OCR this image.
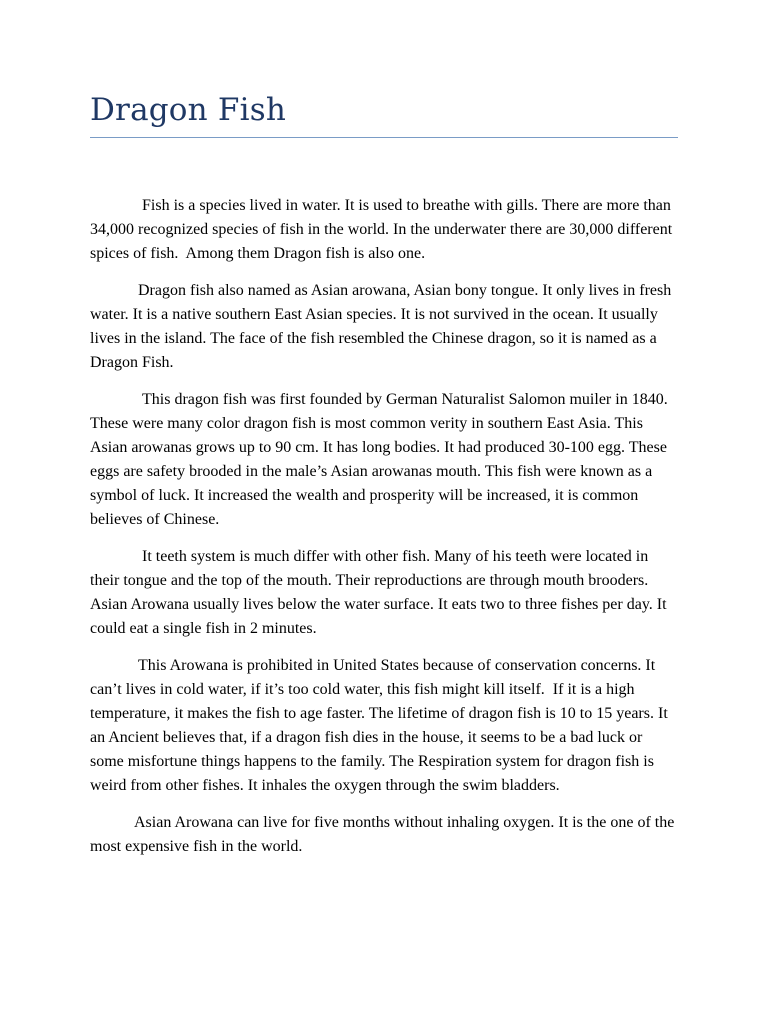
Dragon Fish

Fish is a species lived in water. It is used to breathe with gills. There are more than 34,000 recognized species of fish in the world. In the underwater there are 30,000 different spices of fish.  Among them Dragon fish is also one.

Dragon fish also named as Asian arowana, Asian bony tongue. It only lives in fresh water. It is a native southern East Asian species. It is not survived in the ocean. It usually lives in the island. The face of the fish resembled the Chinese dragon, so it is named as a Dragon Fish.

This dragon fish was first founded by German Naturalist Salomon muiler in 1840.  These were many color dragon fish is most common verity in southern East Asia. This Asian arowanas grows up to 90 cm. It has long bodies. It had produced 30-100 egg. These eggs are safety brooded in the male’s Asian arowanas mouth. This fish were known as a symbol of luck. It increased the wealth and prosperity will be increased, it is common believes of Chinese.

It teeth system is much differ with other fish. Many of his teeth were located in their tongue and the top of the mouth. Their reproductions are through mouth brooders. Asian Arowana usually lives below the water surface. It eats two to three fishes per day. It could eat a single fish in 2 minutes.

This Arowana is prohibited in United States because of conservation concerns. It can’t lives in cold water, if it’s too cold water, this fish might kill itself.  If it is a high temperature, it makes the fish to age faster. The lifetime of dragon fish is 10 to 15 years. It an Ancient believes that, if a dragon fish dies in the house, it seems to be a bad luck or some misfortune things happens to the family. The Respiration system for dragon fish is weird from other fishes. It inhales the oxygen through the swim bladders.

Asian Arowana can live for five months without inhaling oxygen. It is the one of the most expensive fish in the world.
